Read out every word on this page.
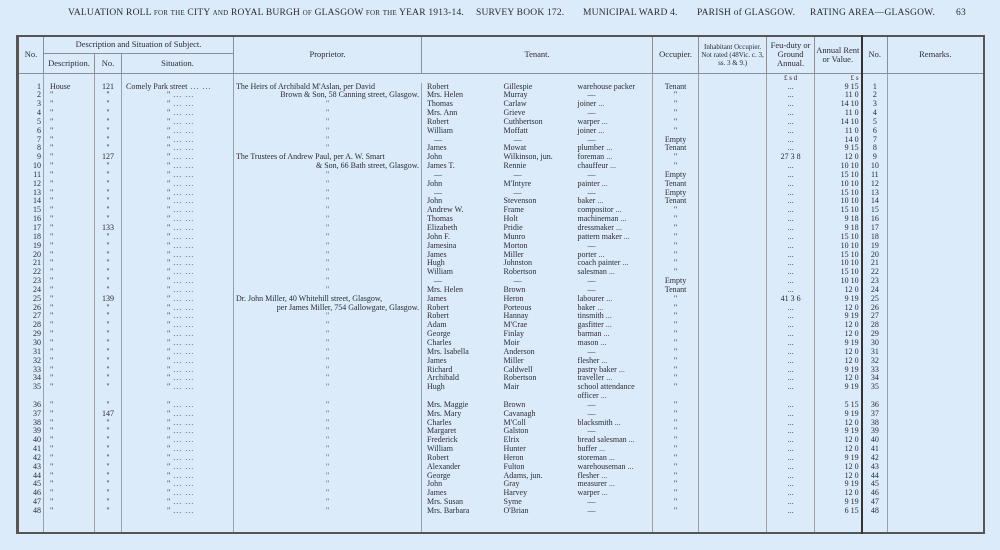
VALUATION ROLL for the CITY and ROYAL BURGH of GLASGOW for the YEAR 1913-14. SURVEY BOOK 172. MUNICIPAL WARD 4. PARISH of GLASGOW. RATING AREA—GLASGOW. 63
No.	Description and Situation of Subject.			Proprietor.	Tenant.			Occupier.	Inhabitant Occupier. Not rated (48Vic. c. 3, ss. 3 & 9.)	Feu-duty or Ground Annual.	Annual Rent or Value.	No.	Remarks.
	Description.	No.	Situation.										
										£ s d	£ s		
1	House	121	Comely Park street ...	The Heirs of Archibald M'Aslan, per David	Robert	Gillespie	warehouse packer	Tenant		...	9 15	1	
2	"	"	" ...	Brown & Son, 58 Canning street, Glasgow.	Mrs. Helen	Murray	—	"		...	11 0	2	
3	"	"	" ...	"	Thomas	Carlaw	joiner ...	"		...	14 10	3	
4	"	"	" ...	"	Mrs. Ann	Grieve	—	"		...	11 0	4	
5	"	"	" ...	"	Robert	Cuthbertson	warper ...	"		...	14 10	5	
6	"	"	" ...	"	William	Moffatt	joiner ...	"		...	11 0	6	
7	"	"	" ...	"	—	—	—	Empty		...	14 0	7	
8	"	"	" ...	"	James	Mowat	plumber ...	Tenant		...	9 15	8	
9	"	127	" ...	The Trustees of Andrew Paul, per A. W. Smart	John	Wilkinson, jun.	foreman ...	"		27 3 8	12 0	9	
10	"	"	" ...	& Son, 66 Bath street, Glasgow.	James T.	Rennie	chauffeur ...	"		...	10 10	10	
11	"	"	" ...	"	—	—	—	Empty		...	15 10	11	
12	"	"	" ...	"	John	M'Intyre	painter ...	Tenant		...	10 10	12	
13	"	"	" ...	"	—	—	—	Empty		...	15 10	13	
14	"	"	" ...	"	John	Stevenson	baker ...	Tenant		...	10 10	14	
15	"	"	" ...	"	Andrew W.	Frame	compositor ...	"		...	15 10	15	
16	"	"	" ...	"	Thomas	Holt	machineman ...	"		...	9 18	16	
17	"	133	" ...	"	Elizabeth	Pridie	dressmaker ...	"		...	9 18	17	
18	"	"	" ...	"	John F.	Munro	pattern maker ...	"		...	15 10	18	
19	"	"	" ...	"	Jamesina	Morton	—	"		...	10 10	19	
20	"	"	" ...	"	James	Miller	porter ...	"		...	15 10	20	
21	"	"	" ...	"	Hugh	Johnston	coach painter ...	"		...	10 10	21	
22	"	"	" ...	"	William	Robertson	salesman ...	"		...	15 10	22	
23	"	"	" ...	"	—	—	—	Empty		...	10 10	23	
24	"	"	" ...	"	Mrs. Helen	Brown	—	Tenant		...	12 0	24	
25	"	139	" ...	Dr. John Miller, 40 Whitehill street, Glasgow,	James	Heron	labourer ...	"		41 3 6	9 19	25	
26	"	"	" ...	per James Miller, 754 Gallowgate, Glasgow.	Robert	Porteous	baker ...	"		...	12 0	26	
27	"	"	" ...	"	Robert	Hannay	tinsmith ...	"		...	9 19	27	
28	"	"	" ...	"	Adam	M'Crae	gasfitter ...	"		...	12 0	28	
29	"	"	" ...	"	George	Finlay	barman ...	"		...	12 0	29	
30	"	"	" ...	"	Charles	Moir	mason ...	"		...	9 19	30	
31	"	"	" ...	"	Mrs. Isabella	Anderson	—	"		...	12 0	31	
32	"	"	" ...	"	James	Miller	flesher ...	"		...	12 0	32	
33	"	"	" ...	"	Richard	Caldwell	pastry baker ...	"		...	9 19	33	
34	"	"	" ...	"	Archibald	Robertson	traveller ...	"		...	12 0	34	
35	"	"	" ...	"	Hugh	Mair	school attendance	"		...	9 19	35	
							officer ...						
36	"	"	" ...	"	Mrs. Maggie	Brown	—	"		...	5 15	36	
37	"	147	" ...	"	Mrs. Mary	Cavanagh	—	"		...	9 19	37	
38	"	"	" ...	"	Charles	M'Coll	blacksmith ...	"		...	12 0	38	
39	"	"	" ...	"	Margaret	Galston	—	"		...	9 19	39	
40	"	"	" ...	"	Frederick	Elrix	bread salesman ...	"		...	12 0	40	
41	"	"	" ...	"	William	Hunter	buffer ...	"		...	12 0	41	
42	"	"	" ...	"	Robert	Heron	storeman ...	"		...	9 19	42	
43	"	"	" ...	"	Alexander	Fulton	warehouseman ...	"		...	12 0	43	
44	"	"	" ...	"	George	Adams, jun.	flesher ...	"		...	12 0	44	
45	"	"	" ...	"	John	Gray	measurer ...	"		...	9 19	45	
46	"	"	" ...	"	James	Harvey	warper ...	"		...	12 0	46	
47	"	"	" ...	"	Mrs. Susan	Syme	—	"		...	9 19	47	
48	"	"	" ...	"	Mrs. Barbara	O'Brian	—	"		...	6 15	48	
